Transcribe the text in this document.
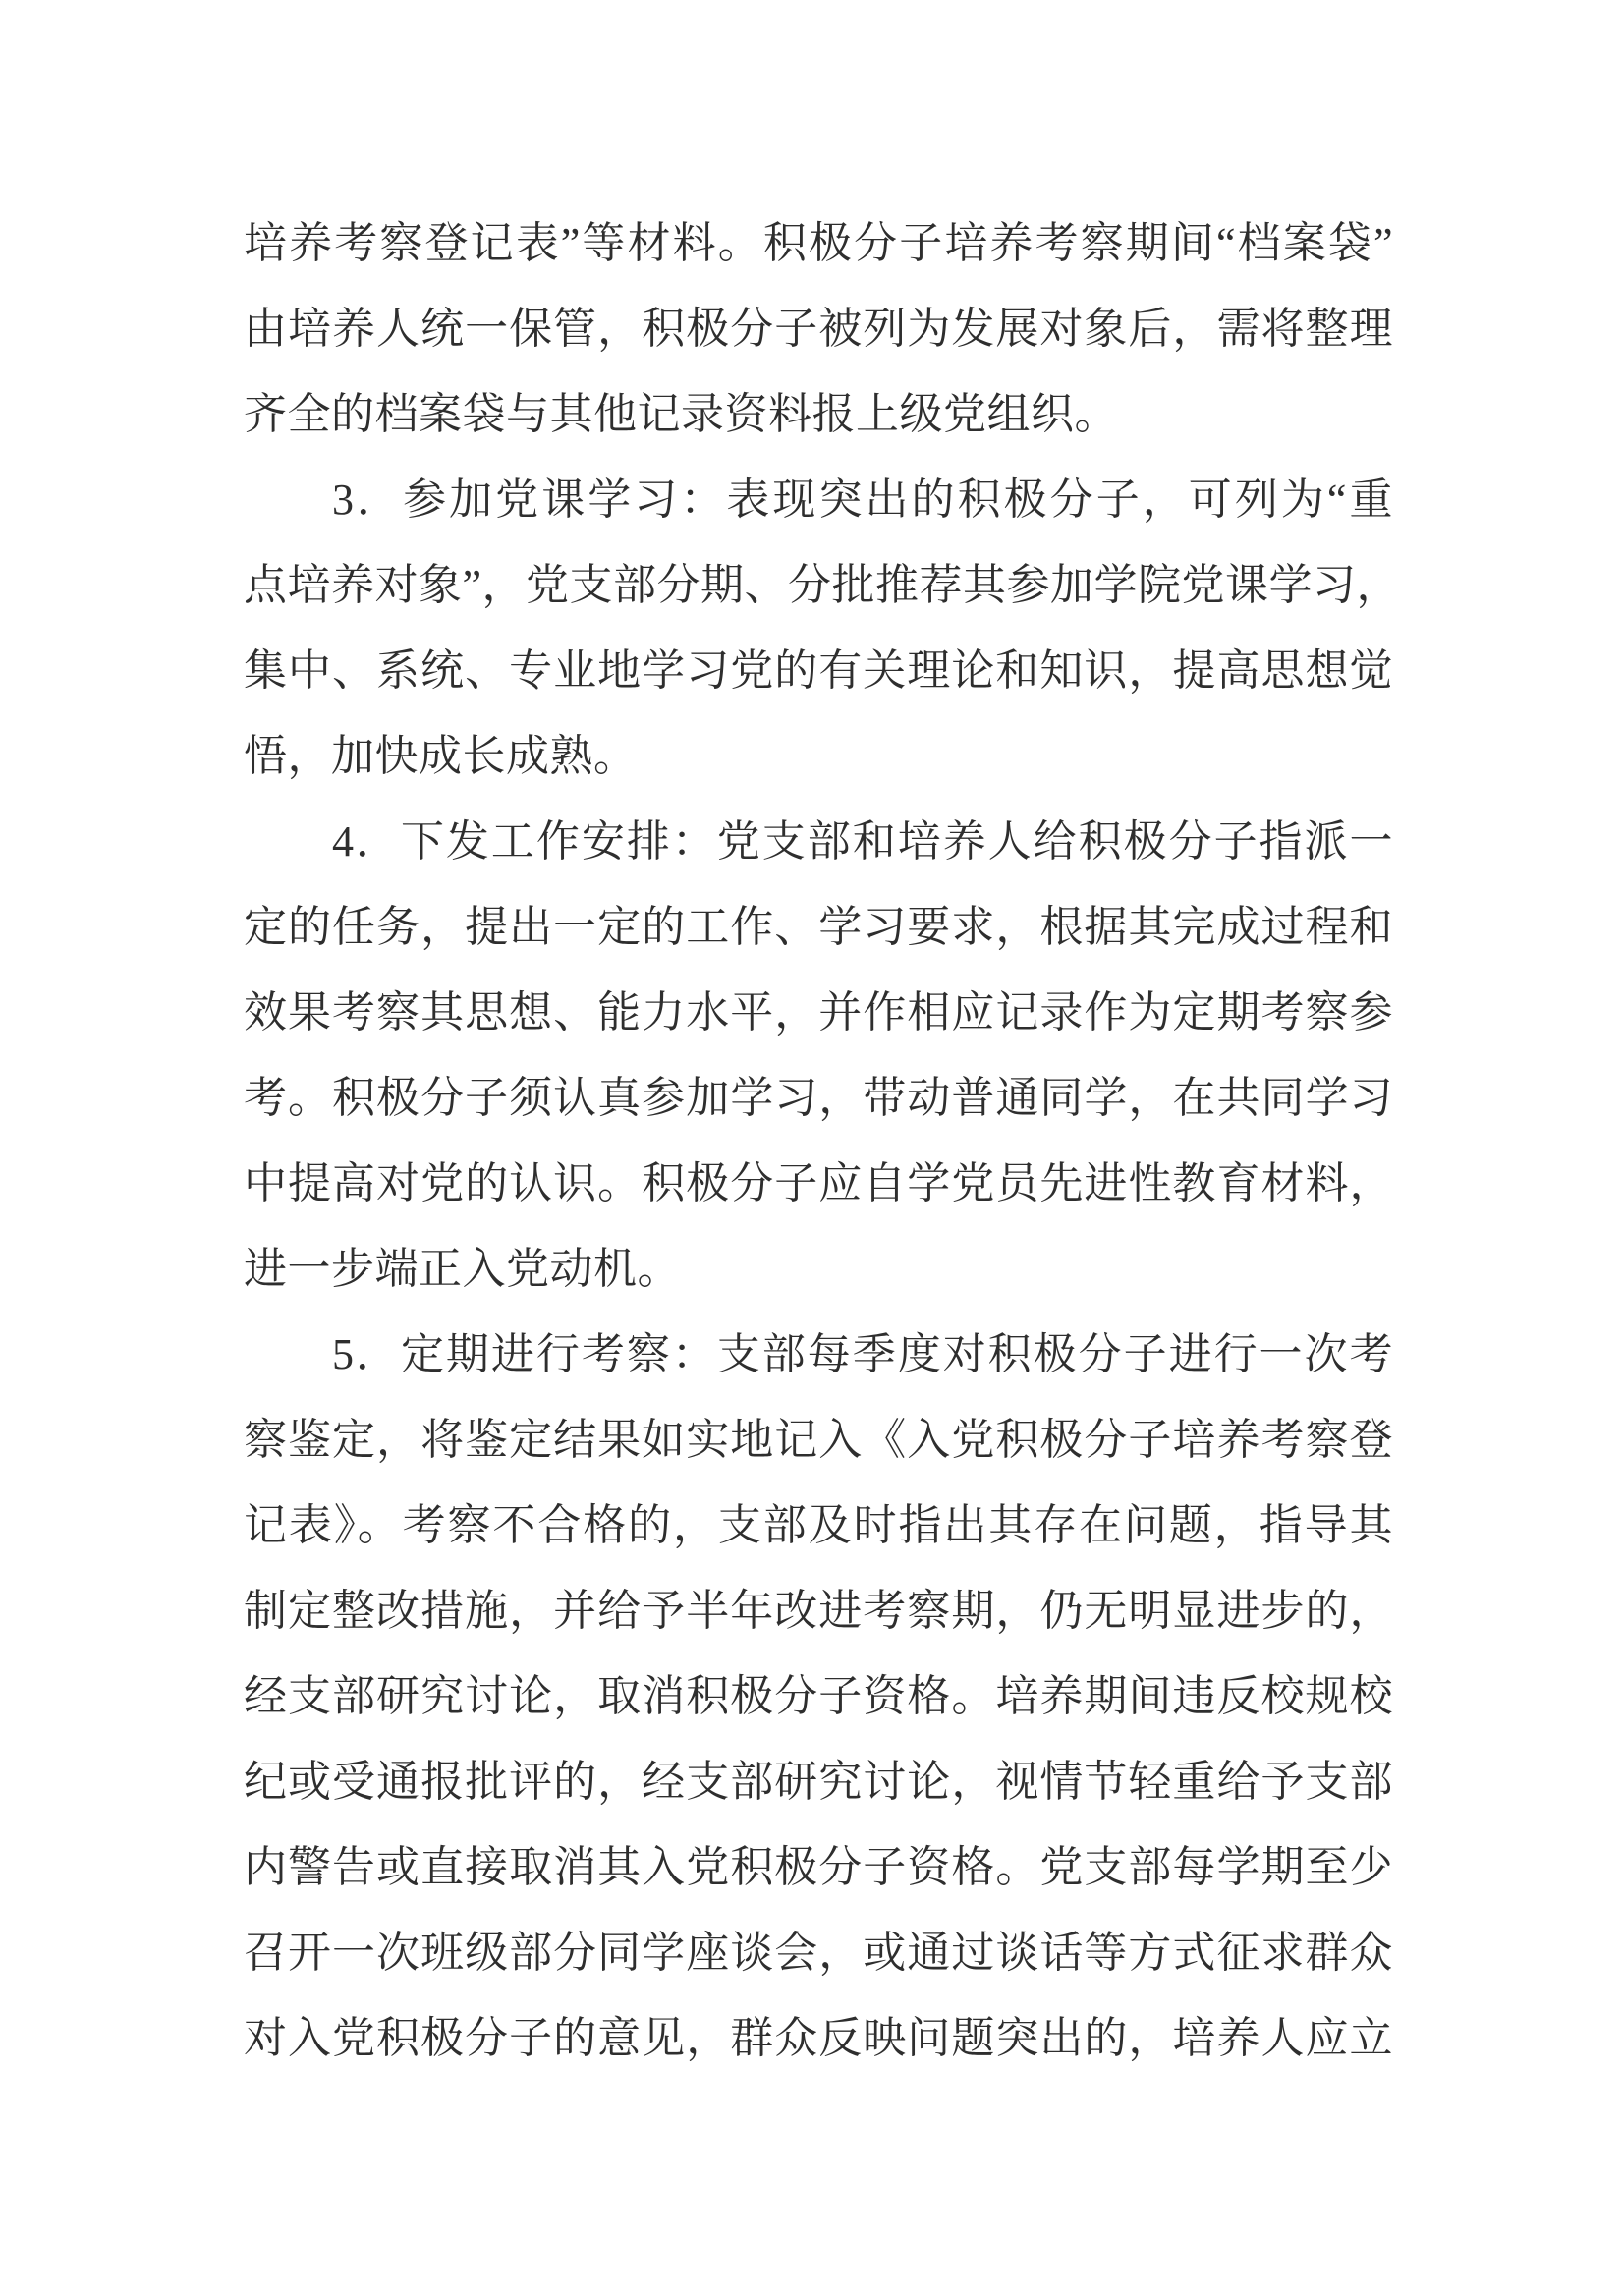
培养考察登记表”等材料。积极分子培养考察期间“档案袋”
由培养人统一保管，积极分子被列为发展对象后，需将整理
齐全的档案袋与其他记录资料报上级党组织。
3．参加党课学习：表现突出的积极分子，可列为“重
点培养对象”，党支部分期、分批推荐其参加学院党课学习，
集中、系统、专业地学习党的有关理论和知识，提高思想觉
悟，加快成长成熟。
4．下发工作安排：党支部和培养人给积极分子指派一
定的任务，提出一定的工作、学习要求，根据其完成过程和
效果考察其思想、能力水平，并作相应记录作为定期考察参
考。积极分子须认真参加学习，带动普通同学，在共同学习
中提高对党的认识。积极分子应自学党员先进性教育材料，
进一步端正入党动机。
5．定期进行考察：支部每季度对积极分子进行一次考
察鉴定，将鉴定结果如实地记入《入党积极分子培养考察登
记表》。考察不合格的，支部及时指出其存在问题，指导其
制定整改措施，并给予半年改进考察期，仍无明显进步的，
经支部研究讨论，取消积极分子资格。培养期间违反校规校
纪或受通报批评的，经支部研究讨论，视情节轻重给予支部
内警告或直接取消其入党积极分子资格。党支部每学期至少
召开一次班级部分同学座谈会，或通过谈话等方式征求群众
对入党积极分子的意见，群众反映问题突出的，培养人应立
